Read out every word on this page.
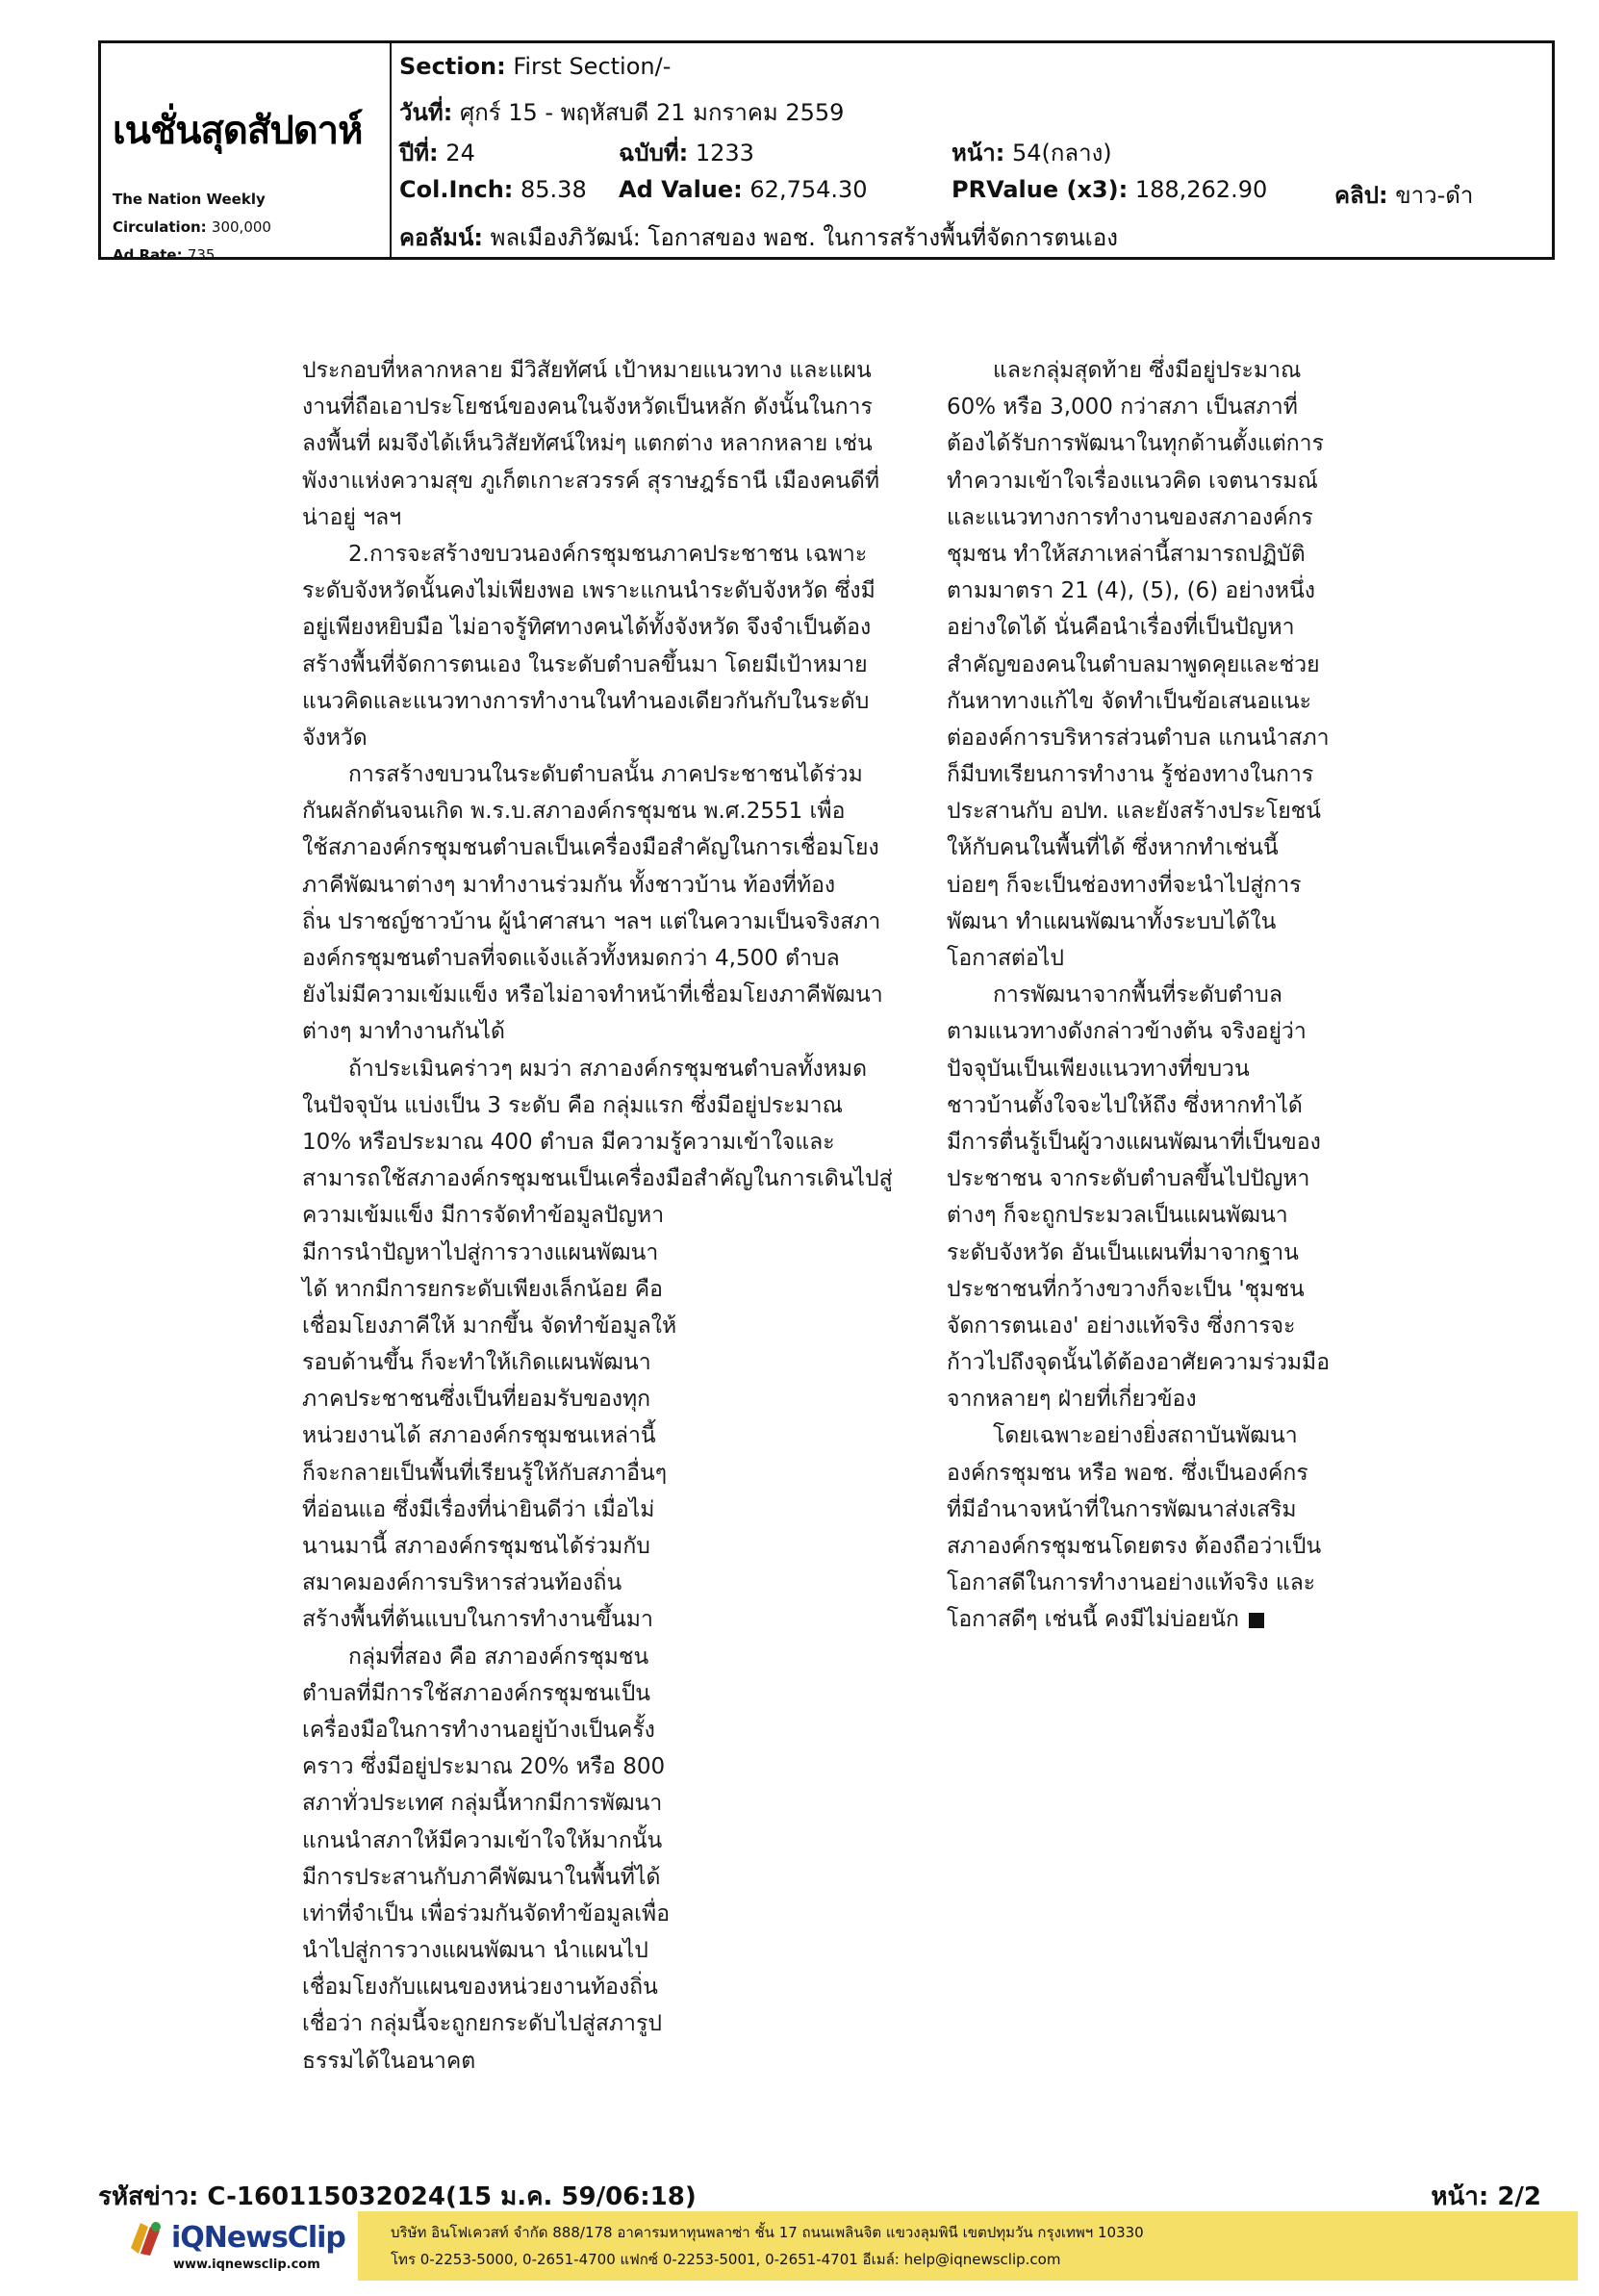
เนชั่นสุดสัปดาห์
The Nation Weekly
Circulation: 300,000
Ad Rate: 735
Section: First Section/-
วันที่: ศุกร์ 15 - พฤหัสบดี 21 มกราคม 2559
ปีที่: 24	ฉบับที่: 1233	หน้า: 54(กลาง)
Col.Inch: 85.38 Ad Value: 62,754.30	PRValue (x3): 188,262.90	คลิป: ขาว-ดำ
คอลัมน์: พลเมืองภิวัฒน์: โอกาสของ พอช. ในการสร้างพื้นที่จัดการตนเอง

ประกอบที่หลากหลาย มีวิสัยทัศน์ เป้าหมายแนวทาง และแผน

งานที่ถือเอาประโยชน์ของคนในจังหวัดเป็นหลัก ดังนั้นในการ

ลงพื้นที่ ผมจึงได้เห็นวิสัยทัศน์ใหม่ๆ แตกต่าง หลากหลาย เช่น

พังงาแห่งความสุข ภูเก็ตเกาะสวรรค์ สุราษฎร์ธานี เมืองคนดีที่

น่าอยู่ ฯลฯ

2.การจะสร้างขบวนองค์กรชุมชนภาคประชาชน เฉพาะ

ระดับจังหวัดนั้นคงไม่เพียงพอ เพราะแกนนำระดับจังหวัด ซึ่งมี

อยู่เพียงหยิบมือ ไม่อาจรู้ทิศทางคนได้ทั้งจังหวัด จึงจำเป็นต้อง

สร้างพื้นที่จัดการตนเอง ในระดับตำบลขึ้นมา โดยมีเป้าหมาย

แนวคิดและแนวทางการทำงานในทำนองเดียวกันกับในระดับ

จังหวัด

การสร้างขบวนในระดับตำบลนั้น ภาคประชาชนได้ร่วม

กันผลักดันจนเกิด พ.ร.บ.สภาองค์กรชุมชน พ.ศ.2551 เพื่อ

ใช้สภาองค์กรชุมชนตำบลเป็นเครื่องมือสำคัญในการเชื่อมโยง

ภาคีพัฒนาต่างๆ มาทำงานร่วมกัน ทั้งชาวบ้าน ท้องที่ท้อง

ถิ่น ปราชญ์ชาวบ้าน ผู้นำศาสนา ฯลฯ แต่ในความเป็นจริงสภา

องค์กรชุมชนตำบลที่จดแจ้งแล้วทั้งหมดกว่า 4,500 ตำบล

ยังไม่มีความเข้มแข็ง หรือไม่อาจทำหน้าที่เชื่อมโยงภาคีพัฒนา

ต่างๆ มาทำงานกันได้

ถ้าประเมินคร่าวๆ ผมว่า สภาองค์กรชุมชนตำบลทั้งหมด

ในปัจจุบัน แบ่งเป็น 3 ระดับ คือ กลุ่มแรก ซึ่งมีอยู่ประมาณ

10% หรือประมาณ 400 ตำบล มีความรู้ความเข้าใจและ

สามารถใช้สภาองค์กรชุมชนเป็นเครื่องมือสำคัญในการเดินไปสู่

ความเข้มแข็ง มีการจัดทำข้อมูลปัญหา

มีการนำปัญหาไปสู่การวางแผนพัฒนา

ได้ หากมีการยกระดับเพียงเล็กน้อย คือ

เชื่อมโยงภาคีให้ มากขึ้น จัดทำข้อมูลให้

รอบด้านขึ้น ก็จะทำให้เกิดแผนพัฒนา

ภาคประชาชนซึ่งเป็นที่ยอมรับของทุก

หน่วยงานได้ สภาองค์กรชุมชนเหล่านี้

ก็จะกลายเป็นพื้นที่เรียนรู้ให้กับสภาอื่นๆ

ที่อ่อนแอ ซึ่งมีเรื่องที่น่ายินดีว่า เมื่อไม่

นานมานี้ สภาองค์กรชุมชนได้ร่วมกับ

สมาคมองค์การบริหารส่วนท้องถิ่น

สร้างพื้นที่ต้นแบบในการทำงานขึ้นมา

กลุ่มที่สอง คือ สภาองค์กรชุมชน

ตำบลที่มีการใช้สภาองค์กรชุมชนเป็น

เครื่องมือในการทำงานอยู่บ้างเป็นครั้ง

คราว ซึ่งมีอยู่ประมาณ 20% หรือ 800

สภาทั่วประเทศ กลุ่มนี้หากมีการพัฒนา

แกนนำสภาให้มีความเข้าใจให้มากนั้น

มีการประสานกับภาคีพัฒนาในพื้นที่ได้

เท่าที่จำเป็น เพื่อร่วมกันจัดทำข้อมูลเพื่อ

นำไปสู่การวางแผนพัฒนา นำแผนไป

เชื่อมโยงกับแผนของหน่วยงานท้องถิ่น

เชื่อว่า กลุ่มนี้จะถูกยกระดับไปสู่สภารูป

ธรรมได้ในอนาคต

และกลุ่มสุดท้าย ซึ่งมีอยู่ประมาณ

60% หรือ 3,000 กว่าสภา เป็นสภาที่

ต้องได้รับการพัฒนาในทุกด้านตั้งแต่การ

ทำความเข้าใจเรื่องแนวคิด เจตนารมณ์

และแนวทางการทำงานของสภาองค์กร

ชุมชน ทำให้สภาเหล่านี้สามารถปฏิบัติ

ตามมาตรา 21 (4), (5), (6) อย่างหนึ่ง

อย่างใดได้ นั่นคือนำเรื่องที่เป็นปัญหา

สำคัญของคนในตำบลมาพูดคุยและช่วย

กันหาทางแก้ไข จัดทำเป็นข้อเสนอแนะ

ต่อองค์การบริหารส่วนตำบล แกนนำสภา

ก็มีบทเรียนการทำงาน รู้ช่องทางในการ

ประสานกับ อปท. และยังสร้างประโยชน์

ให้กับคนในพื้นที่ได้ ซึ่งหากทำเช่นนี้

บ่อยๆ ก็จะเป็นช่องทางที่จะนำไปสู่การ

พัฒนา ทำแผนพัฒนาทั้งระบบได้ใน

โอกาสต่อไป

การพัฒนาจากพื้นที่ระดับตำบล

ตามแนวทางดังกล่าวข้างต้น จริงอยู่ว่า

ปัจจุบันเป็นเพียงแนวทางที่ขบวน

ชาวบ้านตั้งใจจะไปให้ถึง ซึ่งหากทำได้

มีการตื่นรู้เป็นผู้วางแผนพัฒนาที่เป็นของ

ประชาชน จากระดับตำบลขึ้นไปปัญหา

ต่างๆ ก็จะถูกประมวลเป็นแผนพัฒนา

ระดับจังหวัด อันเป็นแผนที่มาจากฐาน

ประชาชนที่กว้างขวางก็จะเป็น 'ชุมชน

จัดการตนเอง' อย่างแท้จริง ซึ่งการจะ

ก้าวไปถึงจุดนั้นได้ต้องอาศัยความร่วมมือ

จากหลายๆ ฝ่ายที่เกี่ยวข้อง

โดยเฉพาะอย่างยิ่งสถาบันพัฒนา

องค์กรชุมชน หรือ พอช. ซึ่งเป็นองค์กร

ที่มีอำนาจหน้าที่ในการพัฒนาส่งเสริม

สภาองค์กรชุมชนโดยตรง ต้องถือว่าเป็น

โอกาสดีในการทำงานอย่างแท้จริง และ

โอกาสดีๆ เช่นนี้ คงมีไม่บ่อยนัก

รหัสข่าว: C-160115032024(15 ม.ค. 59/06:18)	หน้า: 2/2
iQNewsClip
www.iqnewsclip.com
บริษัท อินโฟเควสท์ จำกัด 888/178 อาคารมหาทุนพลาซ่า ชั้น 17 ถนนเพลินจิต แขวงลุมพินี เขตปทุมวัน กรุงเทพฯ 10330
โทร 0-2253-5000, 0-2651-4700 แฟกซ์ 0-2253-5001, 0-2651-4701 อีเมล์: help@iqnewsclip.com
